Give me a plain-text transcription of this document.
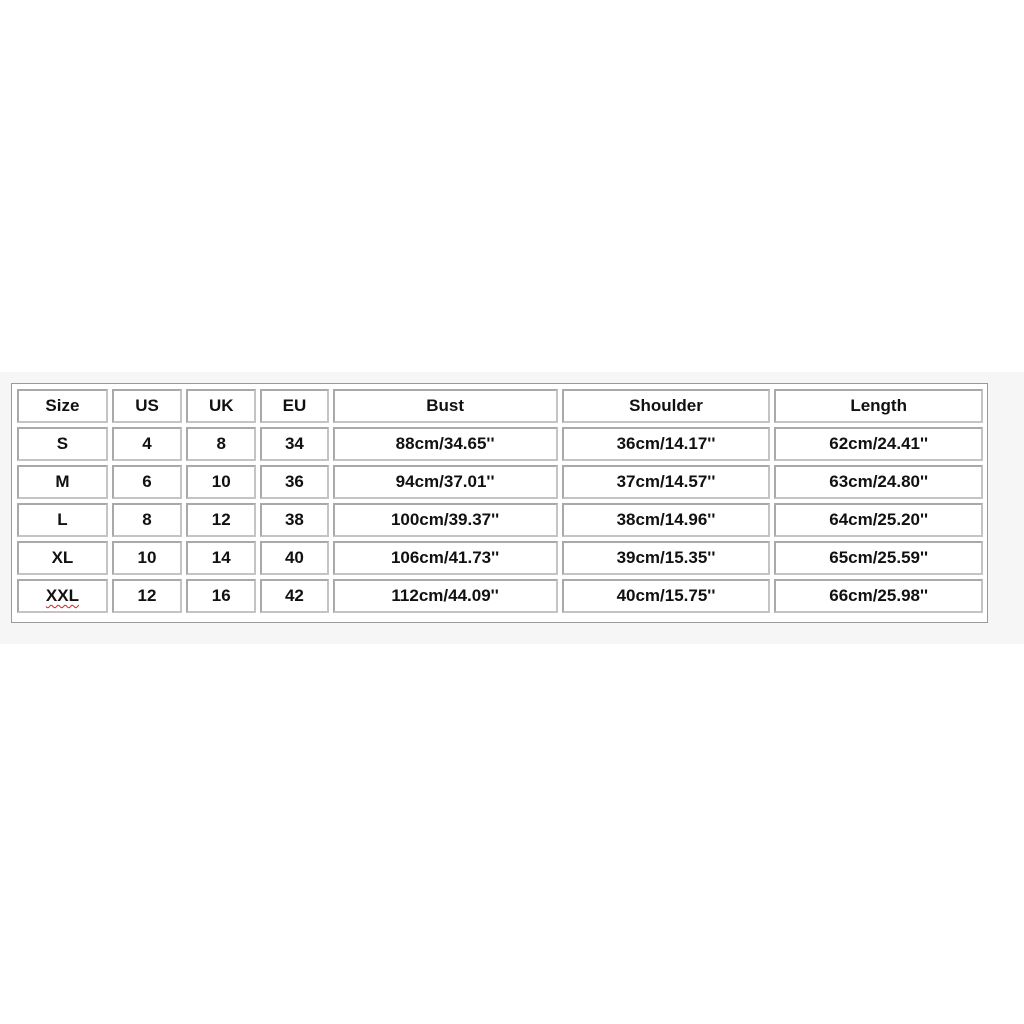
Size	US	UK	EU	Bust	Shoulder	Length
S	4	8	34	88cm/34.65''	36cm/14.17''	62cm/24.41''
M	6	10	36	94cm/37.01''	37cm/14.57''	63cm/24.80''
L	8	12	38	100cm/39.37''	38cm/14.96''	64cm/25.20''
XL	10	14	40	106cm/41.73''	39cm/15.35''	65cm/25.59''
XXL	12	16	42	112cm/44.09''	40cm/15.75''	66cm/25.98''
